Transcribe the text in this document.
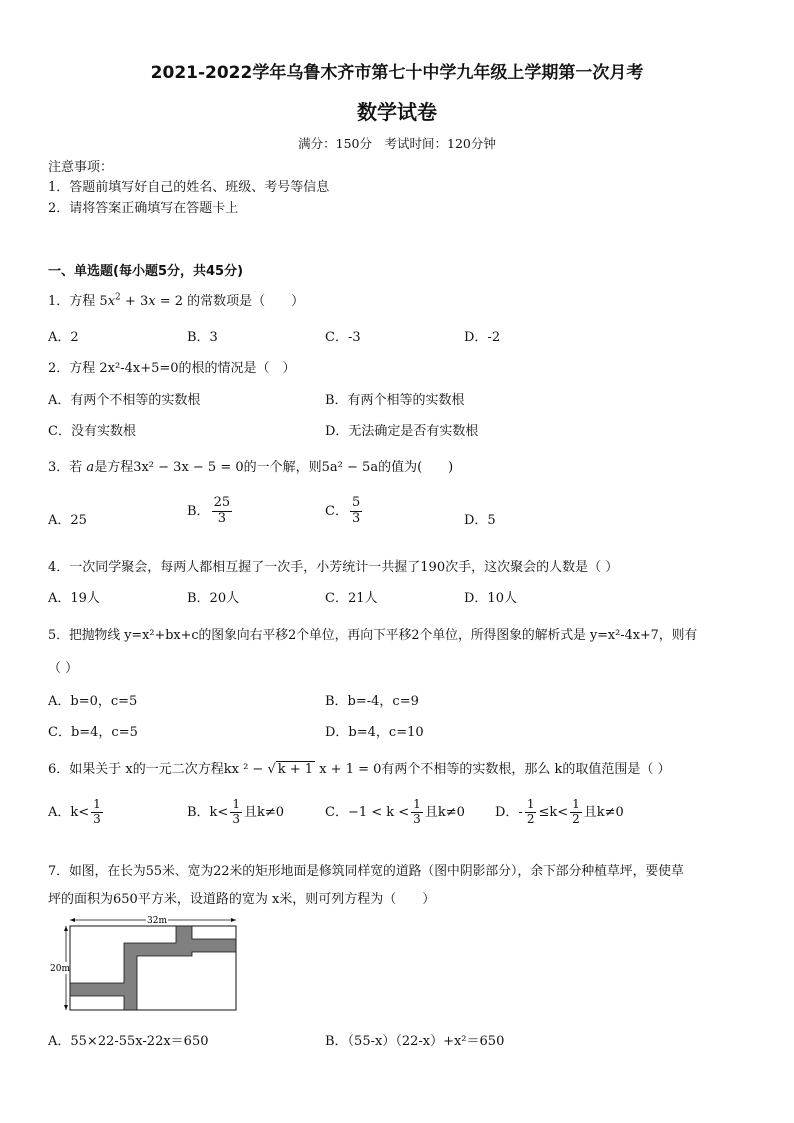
2021-2022学年乌鲁木齐市第七十中学九年级上学期第一次月考
数学试卷
满分：150分　考试时间：120分钟
注意事项：
1．答题前填写好自己的姓名、班级、考号等信息
2．请将答案正确填写在答题卡上
一、单选题(每小题5分，共45分)
1．方程 $5x^2 + 3x = 2$ 的常数项是（　　）
A．2	B．3	C．-3	D．-2
2．方程 2x²-4x+5=0的根的情况是（　）
A．有两个不相等的实数根	B．有两个相等的实数根
C．没有实数根	D．无法确定是否有实数根
3．若 a是方程3x² − 3x − 5 = 0的一个解，则5a² − 5a的值为(　　)
A．25
B． $\frac{25}{3}$	C． $\frac{5}{3}$	D．5
4．一次同学聚会，每两人都相互握了一次手，小芳统计一共握了190次手，这次聚会的人数是（ ）
A．19人	B．20人	C．21人	D．10人
5．把抛物线 y=x²+bx+c的图象向右平移2个单位，再向下平移2个单位，所得图象的解析式是 y=x²-4x+7，则有
（ ）
A．b=0，c=5	B．b=-4，c=9
C．b=4，c=5	D．b=4，c=10
6．如果关于 x的一元二次方程kx ² − √ k + 1 x + 1 = 0有两个不相等的实数根，那么 k的取值范围是（ ）
A．$k< \frac{1}{3}$	B．$k< \frac{1}{3}$ 且k≠0	C．$-1 < k < \frac{1}{3}$ 且k≠0 D．- $\frac{1}{2} \le k< \frac{1}{2}$ 且k≠0
7．如图，在长为55米、宽为22米的矩形地面是修筑同样宽的道路（图中阴影部分），余下部分种植草坪，要使草
坪的面积为650平方米，设道路的宽为 x米，则可列方程为（　　）
32m
20m
A．55×22-55x-22x＝650	B．（55-x）（22-x）+x²＝650
